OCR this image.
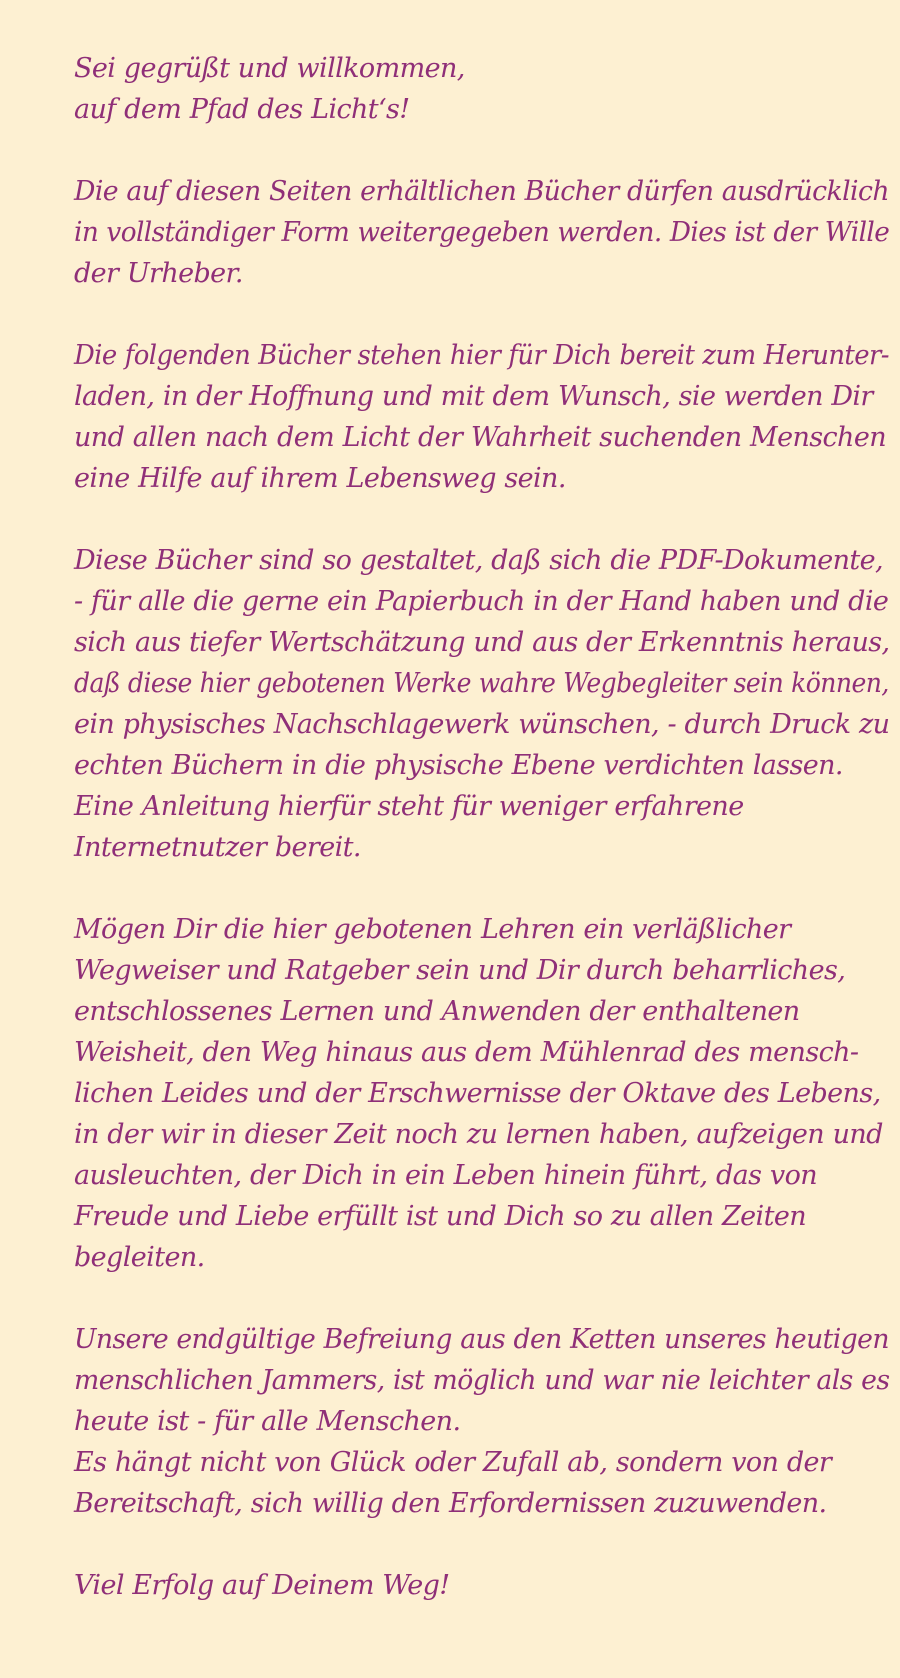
Sei gegrüßt und willkommen,
auf dem Pfad des Licht‘s!

Die auf diesen Seiten erhältlichen Bücher dürfen ausdrücklich
in vollständiger Form weitergegeben werden. Dies ist der Wille
der Urheber.

Die folgenden Bücher stehen hier für Dich bereit zum Herunter-
laden, in der Hoffnung und mit dem Wunsch, sie werden Dir
und allen nach dem Licht der Wahrheit suchenden Menschen
eine Hilfe auf ihrem Lebensweg sein.

Diese Bücher sind so gestaltet, daß sich die PDF-Dokumente,
- für alle die gerne ein Papierbuch in der Hand haben und die
sich aus tiefer Wertschätzung und aus der Erkenntnis heraus,
daß diese hier gebotenen Werke wahre Wegbegleiter sein können,
ein physisches Nachschlagewerk wünschen, - durch Druck zu
echten Büchern in die physische Ebene verdichten lassen.
Eine Anleitung hierfür steht für weniger erfahrene
Internetnutzer bereit.

Mögen Dir die hier gebotenen Lehren ein verläßlicher
Wegweiser und Ratgeber sein und Dir durch beharrliches,
entschlossenes Lernen und Anwenden der enthaltenen
Weisheit, den Weg hinaus aus dem Mühlenrad des mensch-
lichen Leides und der Erschwernisse der Oktave des Lebens,
in der wir in dieser Zeit noch zu lernen haben, aufzeigen und
ausleuchten, der Dich in ein Leben hinein führt, das von
Freude und Liebe erfüllt ist und Dich so zu allen Zeiten
begleiten.

Unsere endgültige Befreiung aus den Ketten unseres heutigen
menschlichen Jammers, ist möglich und war nie leichter als es
heute ist - für alle Menschen.
Es hängt nicht von Glück oder Zufall ab, sondern von der
Bereitschaft, sich willig den Erfordernissen zuzuwenden.

Viel Erfolg auf Deinem Weg!
